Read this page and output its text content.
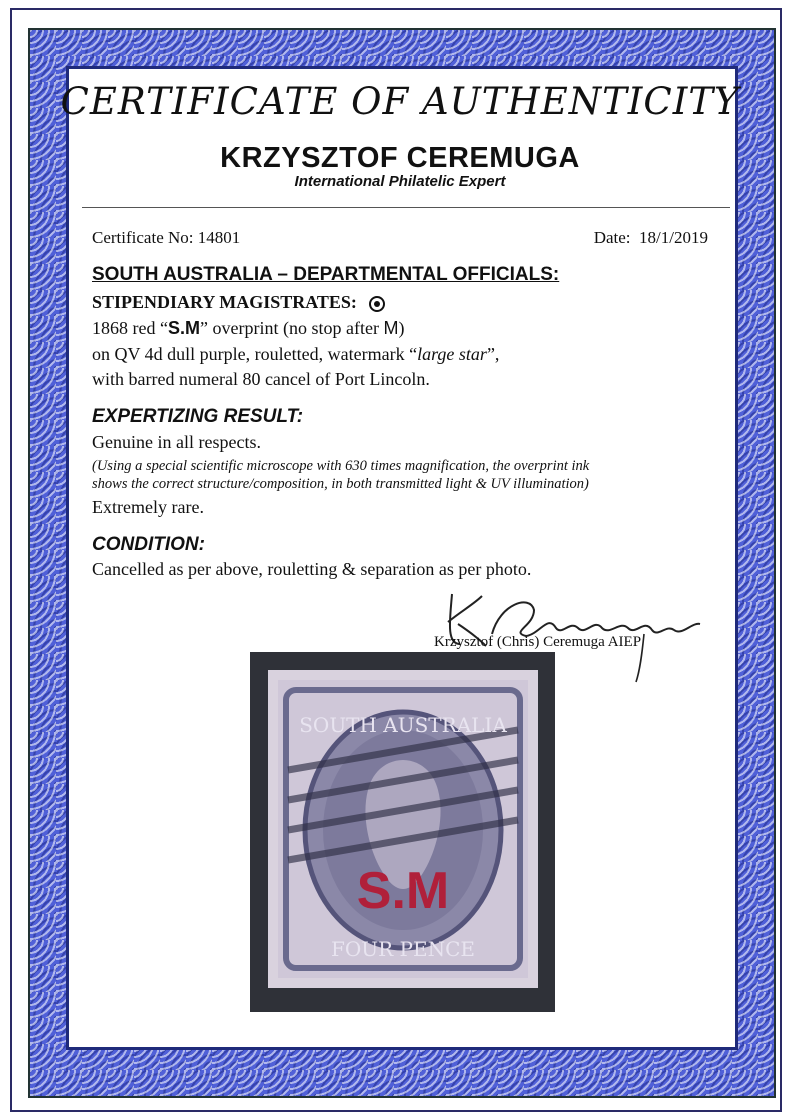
CERTIFICATE OF AUTHENTICITY
KRZYSZTOF CEREMUGA
International Philatelic Expert
Certificate No: 14801	Date: 18/1/2019
SOUTH AUSTRALIA – DEPARTMENTAL OFFICIALS:
STIPENDIARY MAGISTRATES:
1868 red “S.M” overprint (no stop after M)
on QV 4d dull purple, rouletted, watermark “large star”,
with barred numeral 80 cancel of Port Lincoln.
EXPERTIZING RESULT:
Genuine in all respects.
(Using a special scientific microscope with 630 times magnification, the overprint ink
shows the correct structure/composition, in both transmitted light & UV illumination)
Extremely rare.
CONDITION:
Cancelled as per above, rouletting & separation as per photo.
Krzysztof (Chris) Ceremuga AIEP
SOUTH AUSTRALIA
S.M
FOUR PENCE
